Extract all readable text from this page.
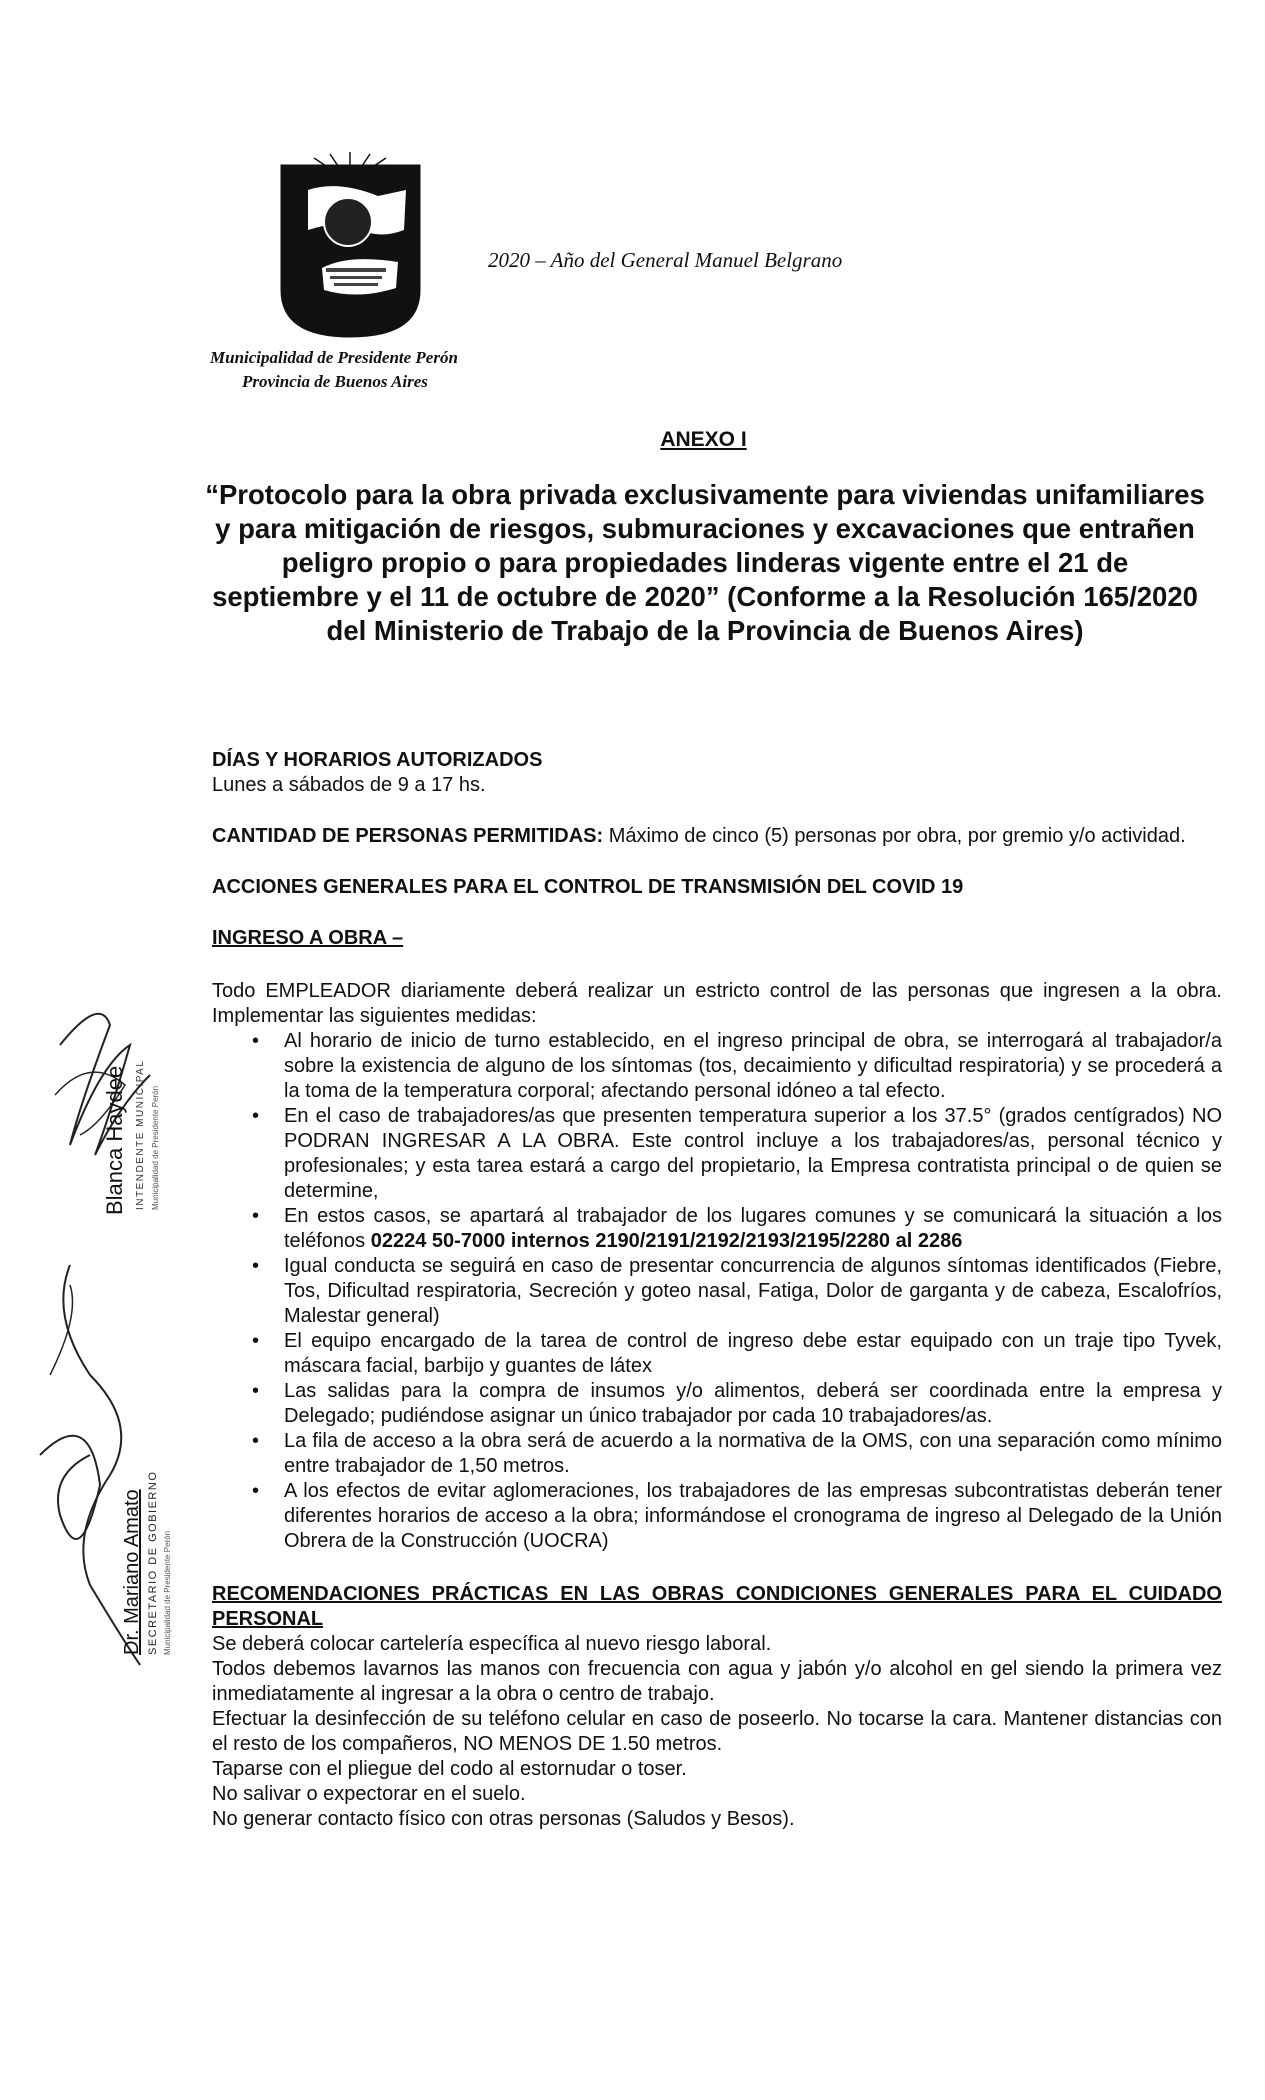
2020 – Año del General Manuel Belgrano
Municipalidad de Presidente Perón
Provincia de Buenos Aires
ANEXO I
“Protocolo para la obra privada exclusivamente para viviendas unifamiliares y para mitigación de riesgos, submuraciones y excavaciones que entrañen peligro propio o para propiedades linderas vigente entre el 21 de septiembre y el 11 de octubre de 2020” (Conforme a la Resolución 165/2020 del Ministerio de Trabajo de la Provincia de Buenos Aires)

DÍAS Y HORARIOS AUTORIZADOS

Lunes a sábados de 9 a 17 hs.

CANTIDAD DE PERSONAS PERMITIDAS: Máximo de cinco (5) personas por obra, por gremio y/o actividad.

ACCIONES GENERALES PARA EL CONTROL DE TRANSMISIÓN DEL COVID 19

INGRESO A OBRA –

Todo EMPLEADOR diariamente deberá realizar un estricto control de las personas que ingresen a la obra. Implementar las siguientes medidas:

• Al horario de inicio de turno establecido, en el ingreso principal de obra, se interrogará al trabajador/a sobre la existencia de alguno de los síntomas (tos, decaimiento y dificultad respiratoria) y se procederá a la toma de la temperatura corporal; afectando personal idóneo a tal efecto.
• En el caso de trabajadores/as que presenten temperatura superior a los 37.5° (grados centígrados) NO PODRAN INGRESAR A LA OBRA. Este control incluye a los trabajadores/as, personal técnico y profesionales; y esta tarea estará a cargo del propietario, la Empresa contratista principal o de quien se determine,
• En estos casos, se apartará al trabajador de los lugares comunes y se comunicará la situación a los teléfonos 02224 50-7000 internos 2190/2191/2192/2193/2195/2280 al 2286
• Igual conducta se seguirá en caso de presentar concurrencia de algunos síntomas identificados (Fiebre, Tos, Dificultad respiratoria, Secreción y goteo nasal, Fatiga, Dolor de garganta y de cabeza, Escalofríos, Malestar general)
• El equipo encargado de la tarea de control de ingreso debe estar equipado con un traje tipo Tyvek, máscara facial, barbijo y guantes de látex
• Las salidas para la compra de insumos y/o alimentos, deberá ser coordinada entre la empresa y Delegado; pudiéndose asignar un único trabajador por cada 10 trabajadores/as.
• La fila de acceso a la obra será de acuerdo a la normativa de la OMS, con una separación como mínimo entre trabajador de 1,50 metros.
• A los efectos de evitar aglomeraciones, los trabajadores de las empresas subcontratistas deberán tener diferentes horarios de acceso a la obra; informándose el cronograma de ingreso al Delegado de la Unión Obrera de la Construcción (UOCRA)

RECOMENDACIONES PRÁCTICAS EN LAS OBRAS CONDICIONES GENERALES PARA EL CUIDADO PERSONAL

Se deberá colocar cartelería específica al nuevo riesgo laboral.

Todos debemos lavarnos las manos con frecuencia con agua y jabón y/o alcohol en gel siendo la primera vez inmediatamente al ingresar a la obra o centro de trabajo.

Efectuar la desinfección de su teléfono celular en caso de poseerlo. No tocarse la cara. Mantener distancias con el resto de los compañeros, NO MENOS DE 1.50 metros.

Taparse con el pliegue del codo al estornudar o toser.

No salivar o expectorar en el suelo.

No generar contacto físico con otras personas (Saludos y Besos).

Blanca Haydee INTENDENTE MUNICIPAL Municipalidad de Presidente Perón
Dr. Mariano Amato SECRETARIO DE GOBIERNO Municipalidad de Presidente Perón
